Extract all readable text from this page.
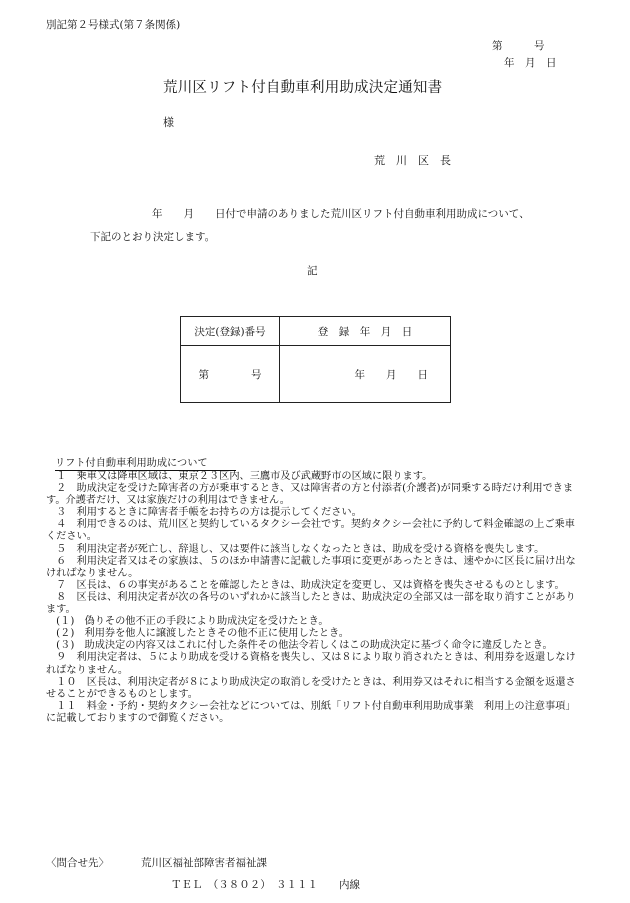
別記第２号様式(第７条関係)
第　　　号
年　月　日
荒川区リフト付自動車利用助成決定通知書
様
荒　川　区　長
年　　月　　日付で申請のありました荒川区リフト付自動車利用助成について、
下記のとおり決定します。
記
決定(登録)番号	登　録　年　月　日
第　　　　号	年　　月　　日
リフト付自動車利用助成について
　１　乗車又は降車区域は、東京２３区内、三鷹市及び武蔵野市の区域に限ります。
　２　助成決定を受けた障害者の方が乗車するとき、又は障害者の方と付添者(介護者)が同乗する時だけ利用できます。介護者だけ、又は家族だけの利用はできません。
　３　利用するときに障害者手帳をお持ちの方は提示してください。
　４　利用できるのは、荒川区と契約しているタクシー会社です。契約タクシー会社に予約して料金確認の上ご乗車ください。
　５　利用決定者が死亡し、辞退し、又は要件に該当しなくなったときは、助成を受ける資格を喪失します。
　６　利用決定者又はその家族は、５のほか申請書に記載した事項に変更があったときは、速やかに区長に届け出なければなりません。
　７　区長は、６の事実があることを確認したときは、助成決定を変更し、又は資格を喪失させるものとします。
　８　区長は、利用決定者が次の各号のいずれかに該当したときは、助成決定の全部又は一部を取り消すことがあります。
　(１)　偽りその他不正の手段により助成決定を受けたとき。
　(２)　利用券を他人に譲渡したときその他不正に使用したとき。
　(３)　助成決定の内容又はこれに付した条件その他法令若しくはこの助成決定に基づく命令に違反したとき。
　９　利用決定者は、５により助成を受ける資格を喪失し、又は８により取り消されたときは、利用券を返還しなければなりません。
　１０　区長は、利用決定者が８により助成決定の取消しを受けたときは、利用券又はそれに相当する金額を返還させることができるものとします。
　１１　料金・予約・契約タクシー会社などについては、別紙「リフト付自動車利用助成事業　利用上の注意事項」に記載しておりますので御覧ください。
〈問合せ先〉	荒川区福祉部障害者福祉課
ＴＥＬ　（３８０２）　３１１１　　内線
